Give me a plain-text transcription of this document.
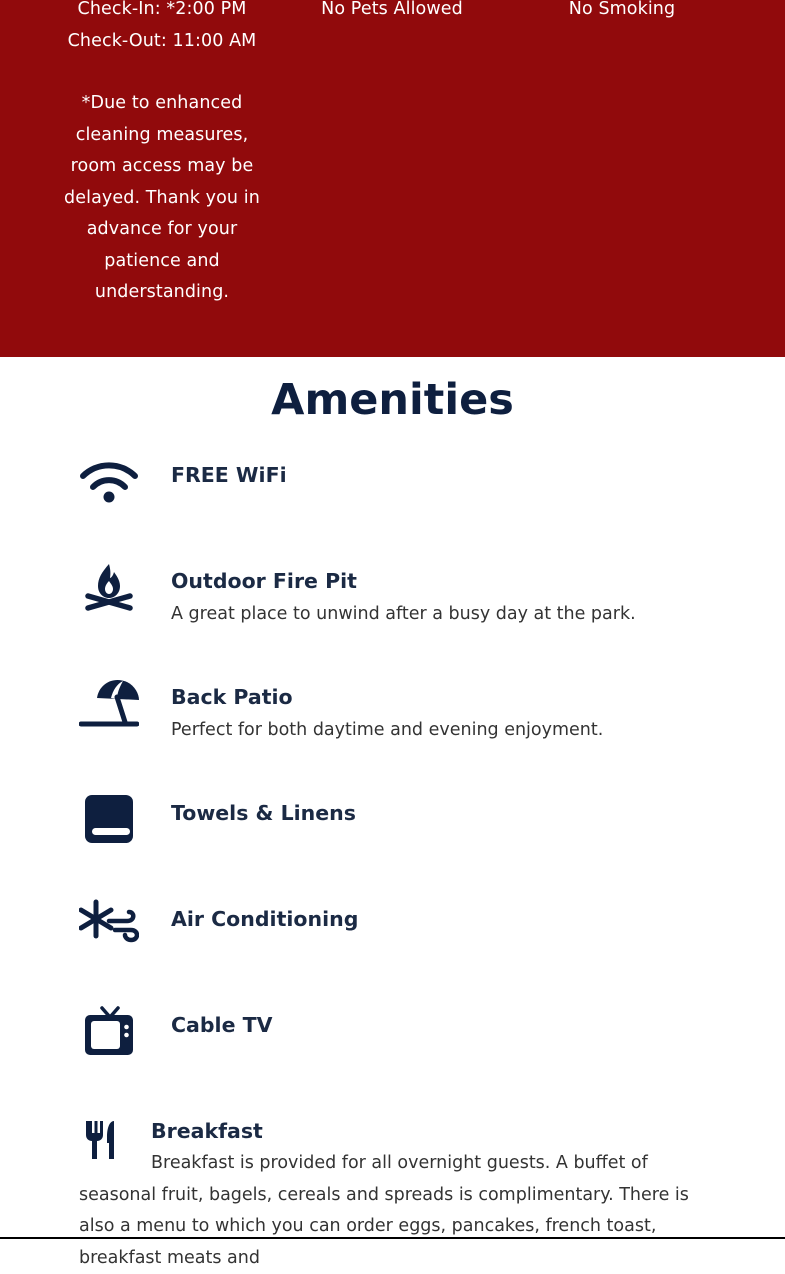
Check-In: *2:00 PM

Check-Out: 11:00 AM

*Due to enhanced cleaning measures, room access may be delayed. Thank you in advance for your patience and understanding.

No Pets Allowed	No Smoking

Amenities
FREE WiFi
Outdoor Fire Pit

A great place to unwind after a busy day at the park.

Back Patio

Perfect for both daytime and evening enjoyment.

Towels & Linens
Air Conditioning
Cable TV
Breakfast

Breakfast is provided for all overnight guests. A buffet of seasonal fruit, bagels, cereals and spreads is complimentary. There is also a menu to which you can order eggs, pancakes, french toast, breakfast meats and
